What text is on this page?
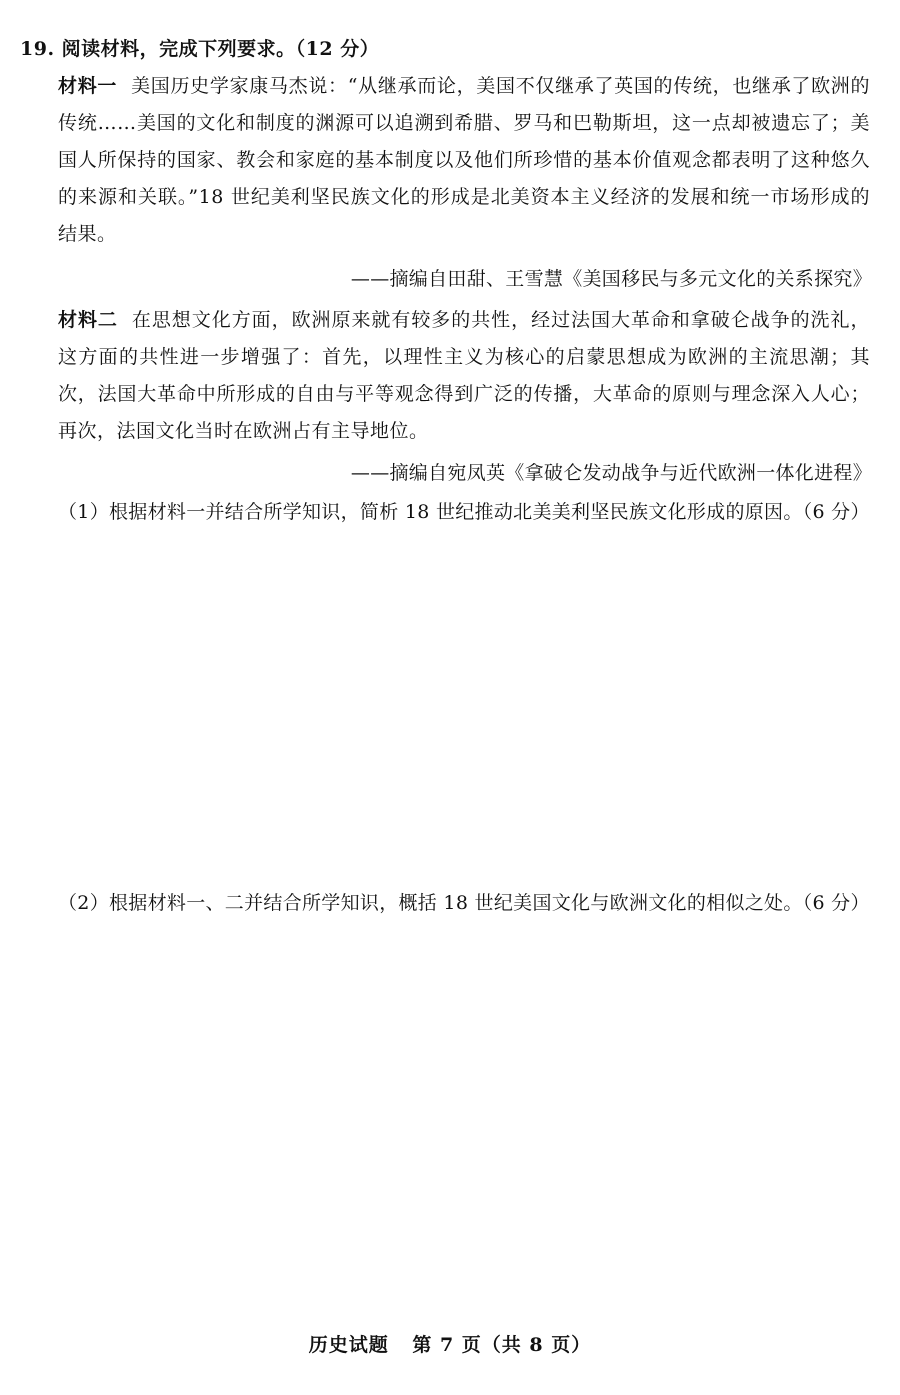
19. 阅读材料，完成下列要求。（12 分）
材料一 美国历史学家康马杰说：“从继承而论，美国不仅继承了英国的传统，也继承了欧洲的传统……美国的文化和制度的渊源可以追溯到希腊、罗马和巴勒斯坦，这一点却被遗忘了；美国人所保持的国家、教会和家庭的基本制度以及他们所珍惜的基本价值观念都表明了这种悠久的来源和关联。”18 世纪美利坚民族文化的形成是北美资本主义经济的发展和统一市场形成的结果。
——摘编自田甜、王雪慧《美国移民与多元文化的关系探究》
材料二 在思想文化方面，欧洲原来就有较多的共性，经过法国大革命和拿破仑战争的洗礼，这方面的共性进一步增强了：首先，以理性主义为核心的启蒙思想成为欧洲的主流思潮；其次，法国大革命中所形成的自由与平等观念得到广泛的传播，大革命的原则与理念深入人心；再次，法国文化当时在欧洲占有主导地位。
——摘编自宛凤英《拿破仑发动战争与近代欧洲一体化进程》
（1）根据材料一并结合所学知识，简析 18 世纪推动北美美利坚民族文化形成的原因。（6 分）
（2）根据材料一、二并结合所学知识，概括 18 世纪美国文化与欧洲文化的相似之处。（6 分）
历史试题 第 7 页（共 8 页）
